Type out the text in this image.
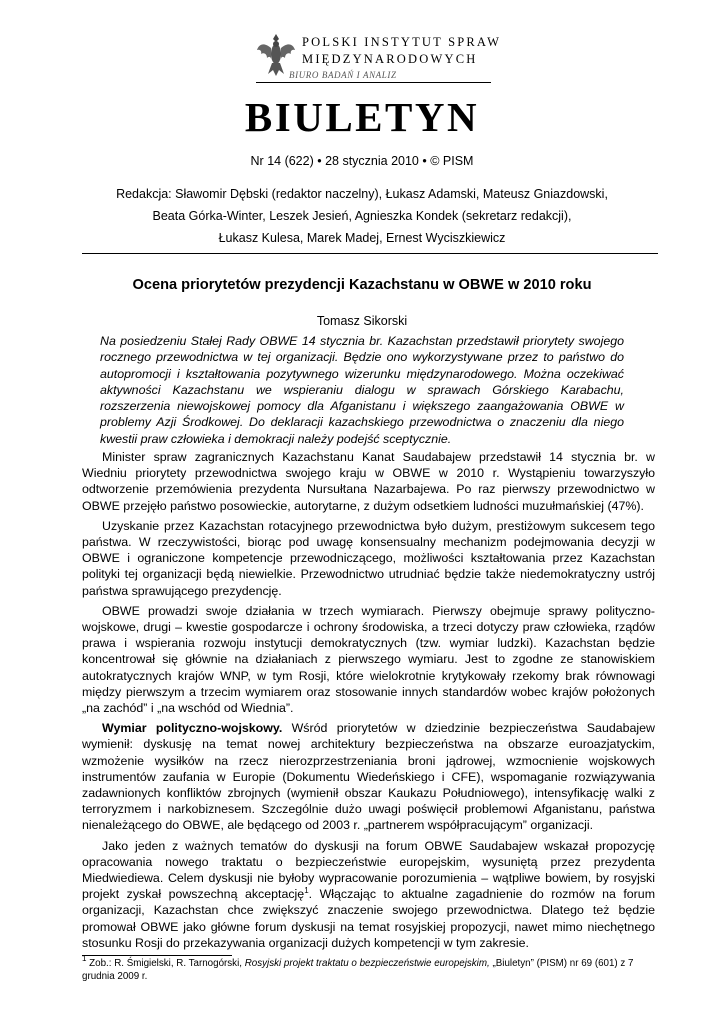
POLSKI INSTYTUT SPRAW
MIĘDZYNARODOWYCH
BIURO BADAŃ I ANALIZ
BIULETYN
Nr 14 (622) • 28 stycznia 2010 • © PISM
Redakcja: Sławomir Dębski (redaktor naczelny), Łukasz Adamski, Mateusz Gniazdowski,
Beata Górka-Winter, Leszek Jesień, Agnieszka Kondek (sekretarz redakcji),
Łukasz Kulesa, Marek Madej, Ernest Wyciszkiewicz
Ocena priorytetów prezydencji Kazachstanu w OBWE w 2010 roku
Tomasz Sikorski
Na posiedzeniu Stałej Rady OBWE 14 stycznia br. Kazachstan przedstawił priorytety swojego rocznego przewodnictwa w tej organizacji. Będzie ono wykorzystywane przez to państwo do autopromocji i kształtowania pozytywnego wizerunku międzynarodowego. Można oczekiwać aktywności Kazachstanu we wspieraniu dialogu w sprawach Górskiego Karabachu, rozszerzenia niewojskowej pomocy dla Afganistanu i większego zaangażowania OBWE w problemy Azji Środkowej. Do deklaracji kazachskiego przewodnictwa o znaczeniu dla niego kwestii praw człowieka i demokracji należy podejść sceptycznie.

Minister spraw zagranicznych Kazachstanu Kanat Saudabajew przedstawił 14 stycznia br. w Wiedniu priorytety przewodnictwa swojego kraju w OBWE w 2010 r. Wystąpieniu towarzyszyło odtworzenie przemówienia prezydenta Nursułtana Nazarbajewa. Po raz pierwszy przewodnictwo w OBWE przejęło państwo posowieckie, autorytarne, z dużym odsetkiem ludności muzułmańskiej (47%).

Uzyskanie przez Kazachstan rotacyjnego przewodnictwa było dużym, prestiżowym sukcesem tego państwa. W rzeczywistości, biorąc pod uwagę konsensualny mechanizm podejmowania decyzji w OBWE i ograniczone kompetencje przewodniczącego, możliwości kształtowania przez Kazachstan polityki tej organizacji będą niewielkie. Przewodnictwo utrudniać będzie także niedemokratyczny ustrój państwa sprawującego prezydencję.

OBWE prowadzi swoje działania w trzech wymiarach. Pierwszy obejmuje sprawy polityczno-wojskowe, drugi – kwestie gospodarcze i ochrony środowiska, a trzeci dotyczy praw człowieka, rządów prawa i wspierania rozwoju instytucji demokratycznych (tzw. wymiar ludzki). Kazachstan będzie koncentrował się głównie na działaniach z pierwszego wymiaru. Jest to zgodne ze stanowiskiem autokratycznych krajów WNP, w tym Rosji, które wielokrotnie krytykowały rzekomy brak równowagi między pierwszym a trzecim wymiarem oraz stosowanie innych standardów wobec krajów położonych „na zachód” i „na wschód od Wiednia”.

Wymiar polityczno-wojskowy. Wśród priorytetów w dziedzinie bezpieczeństwa Saudabajew wymienił: dyskusję na temat nowej architektury bezpieczeństwa na obszarze euroazjatyckim, wzmożenie wysiłków na rzecz nierozprzestrzeniania broni jądrowej, wzmocnienie wojskowych instrumentów zaufania w Europie (Dokumentu Wiedeńskiego i CFE), wspomaganie rozwiązywania zadawnionych konfliktów zbrojnych (wymienił obszar Kaukazu Południowego), intensyfikację walki z terroryzmem i narkobiznesem. Szczególnie dużo uwagi poświęcił problemowi Afganistanu, państwa nienależącego do OBWE, ale będącego od 2003 r. „partnerem współpracującym” organizacji.

Jako jeden z ważnych tematów do dyskusji na forum OBWE Saudabajew wskazał propozycję opracowania nowego traktatu o bezpieczeństwie europejskim, wysuniętą przez prezydenta Miedwiediewa. Celem dyskusji nie byłoby wypracowanie porozumienia – wątpliwe bowiem, by rosyjski projekt zyskał powszechną akceptację$^1$. Włączając to aktualne zagadnienie do rozmów na forum organizacji, Kazachstan chce zwiększyć znaczenie swojego przewodnictwa. Dlatego też będzie promował OBWE jako główne forum dyskusji na temat rosyjskiej propozycji, nawet mimo niechętnego stosunku Rosji do przekazywania organizacji dużych kompetencji w tym zakresie.

$^1$ Zob.: R. Śmigielski, R. Tarnogórski, Rosyjski projekt traktatu o bezpieczeństwie europejskim, „Biuletyn” (PISM) nr 69 (601) z 7 grudnia 2009 r.
